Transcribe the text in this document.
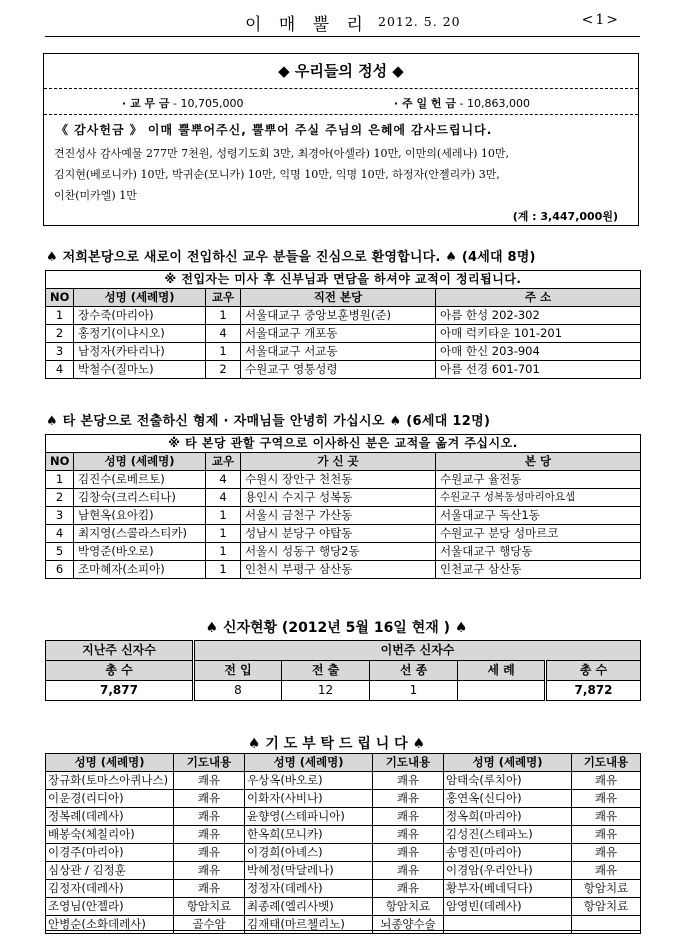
이 매 뿔 리 2012. 5. 20	<1>
◆ 우리들의 정성 ◆
· 교 무 금 - 10,705,000	· 주 일 헌 금 - 10,863,000
《 감사헌금 》 이매 뿔뿌어주신, 뿔뿌어 주실 주님의 은혜에 감사드립니다.
견진성사 감사예물 277만 7천원, 성령기도회 3만, 최경아(아셀라) 10만, 이만의(세레나) 10만,
김지현(베로니카) 10만, 박귀순(모니카) 10만, 익명 10만, 익명 10만, 하정자(안젤리카) 3만,
이찬(미카엘) 1만
(계 : 3,447,000원)
♠ 저희본당으로 새로이 전입하신 교우 분들을 진심으로 환영합니다. ♠ (4세대 8명)
※ 전입자는 미사 후 신부님과 면담을 하셔야 교적이 정리됩니다.				
NO	성명 (세례명)	교우	직전 본당	주 소
1	장수죽(마리아)	1	서울대교구 중앙보훈병원(준)	아름 한성 202-302
2	홍정기(이냐시오)	4	서울대교구 개포동	아매 럭키타운 101-201
3	남정자(카타리나)	1	서울대교구 서교동	아매 한신 203-904
4	박철수(질마노)	2	수원교구 영통성령	아름 선경 601-701
♠ 타 본당으로 전출하신 형제 · 자매님들 안녕히 가십시오 ♠ (6세대 12명)
※ 타 본당 관할 구역으로 이사하신 분은 교적을 옮겨 주십시오.				
NO	성명 (세례명)	교우	가 신 곳	본 당
1	김진수(로베르토)	4	수원시 장안구 천천동	수원교구 율전동
2	김창숙(크리스티나)	4	용인시 수지구 성복동	수원교구 성복동성마리아요셉
3	남현옥(요아킴)	1	서울시 금천구 가산동	서울대교구 독산1동
4	최지영(스콜라스티카)	1	성남시 분당구 야탑동	수원교구 분당 성마르코
5	박영준(바오로)	1	서울시 성동구 행당2동	서울대교구 행당동
6	조마혜자(소피아)	1	인천시 부평구 삼산동	인천교구 삼산동
♠ 신자현황 (2012년 5월 16일 현재 ) ♠
지난주 신자수	이번주 신자수				
총 수	전 입	전 출	선 종	세 례	총 수
7,877	8	12	1		7,872
♠ 기 도 부 탁 드 립 니 다 ♠
성명 (세례명)	기도내용	성명 (세례명)	기도내용	성명 (세례명)	기도내용
장규화(토마스아퀴나스)	쾌유	우상옥(바오로)	쾌유	암태숙(루치아)	쾌유
이운경(리디아)	쾌유	이화자(사비나)	쾌유	홍연옥(신디아)	쾌유
정복례(데레사)	쾌유	윤향영(스테파니아)	쾌유	정옥희(마리아)	쾌유
배봉숙(체칠리아)	쾌유	한옥희(모니카)	쾌유	김성진(스테파노)	쾌유
이경주(마리아)	쾌유	이경희(아녜스)	쾌유	송명진(마리아)	쾌유
심상관 / 김정훈	쾌유	박혜정(막달레나)	쾌유	이경암(우리안나)	쾌유
김정자(데레사)	쾌유	정정자(데레사)	쾌유	황부자(베네딕다)	항암치료
조영님(안젤라)	항암치료	최종례(엘리사벳)	항암치료	암영빈(데레사)	항암치료
안병순(소화데레사)	골수암	김재태(마르첼리노)	뇌종양수술		
